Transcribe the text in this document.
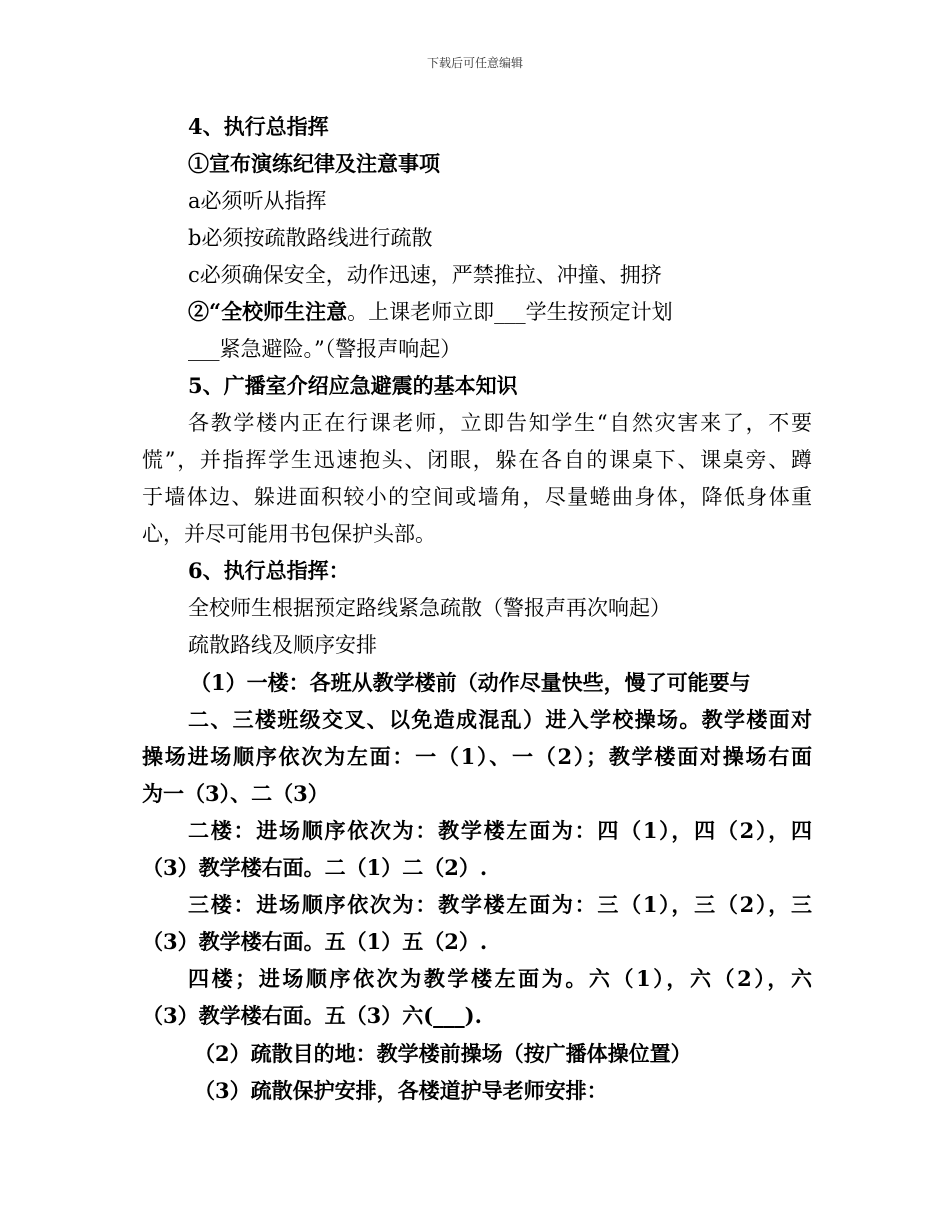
下载后可任意编辑
4、执行总指挥
①宣布演练纪律及注意事项
a必须听从指挥
b必须按疏散路线进行疏散
c必须确保安全，动作迅速，严禁推拉、冲撞、拥挤
②“全校师生注意。上课老师立即___学生按预定计划
___紧急避险。”（警报声响起）
5、广播室介绍应急避震的基本知识
各教学楼内正在行课老师，立即告知学生“自然灾害来了，不要
慌”，并指挥学生迅速抱头、闭眼，躲在各自的课桌下、课桌旁、蹲
于墙体边、躲进面积较小的空间或墙角，尽量蜷曲身体，降低身体重
心，并尽可能用书包保护头部。
6、执行总指挥：
全校师生根据预定路线紧急疏散（警报声再次响起）
疏散路线及顺序安排
（1）一楼：各班从教学楼前（动作尽量快些，慢了可能要与
二、三楼班级交叉、以免造成混乱）进入学校操场。教学楼面对
操场进场顺序依次为左面：一（1）、一（2）；教学楼面对操场右面
为一（3）、二（3）
二楼：进场顺序依次为：教学楼左面为：四（1），四（2），四
（3）教学楼右面。二（1）二（2）.
三楼：进场顺序依次为：教学楼左面为：三（1），三（2），三
（3）教学楼右面。五（1）五（2）.
四楼；进场顺序依次为教学楼左面为。六（1），六（2），六
（3）教学楼右面。五（3）六(___).
（2）疏散目的地：教学楼前操场（按广播体操位置）
（3）疏散保护安排，各楼道护导老师安排：
